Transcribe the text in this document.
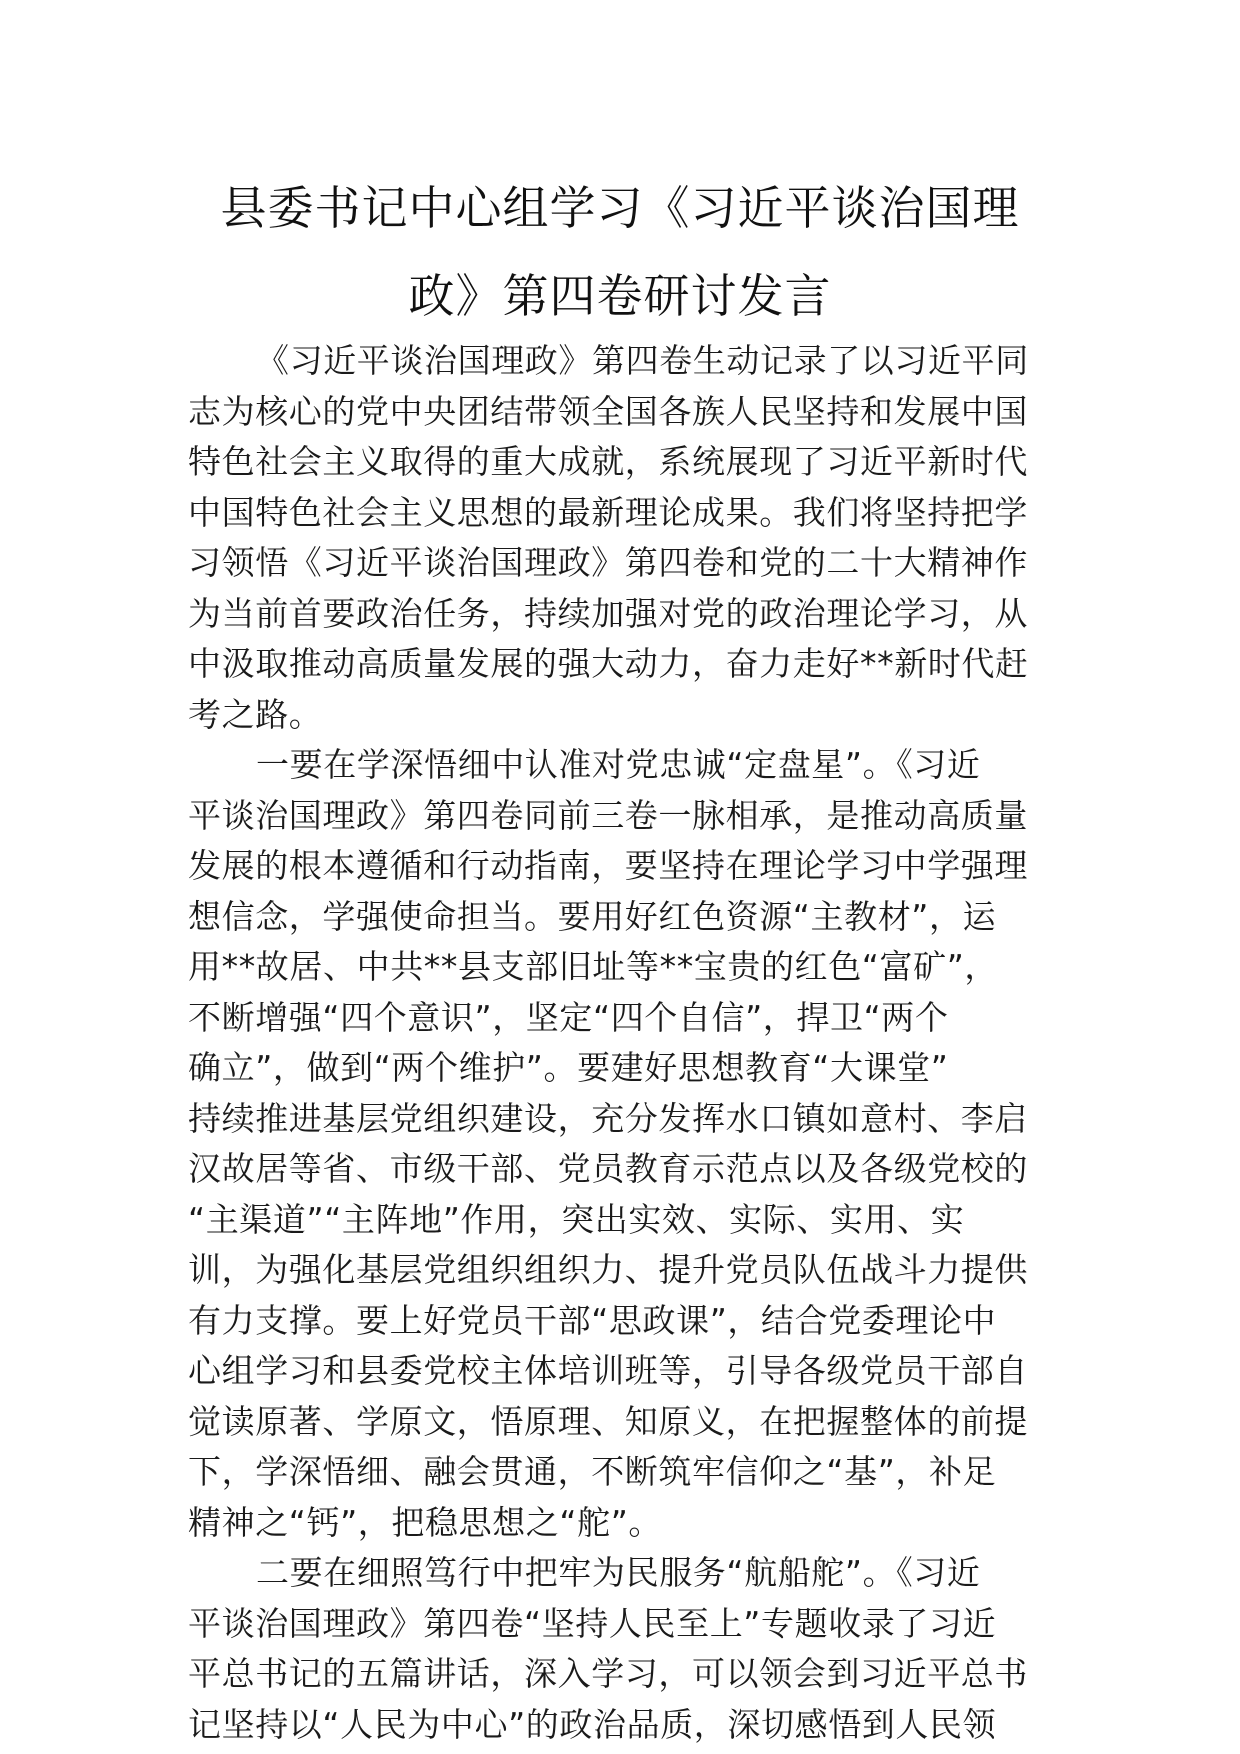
县委书记中心组学习《习近平谈治国理
政》第四卷研讨发言
《习近平谈治国理政》第四卷生动记录了以习近平同
志为核心的党中央团结带领全国各族人民坚持和发展中国
特色社会主义取得的重大成就，系统展现了习近平新时代
中国特色社会主义思想的最新理论成果。我们将坚持把学
习领悟《习近平谈治国理政》第四卷和党的二十大精神作
为当前首要政治任务，持续加强对党的政治理论学习，从
中汲取推动高质量发展的强大动力，奋力走好**新时代赶
考之路。
一要在学深悟细中认准对党忠诚“定盘星”。《习近
平谈治国理政》第四卷同前三卷一脉相承，是推动高质量
发展的根本遵循和行动指南，要坚持在理论学习中学强理
想信念，学强使命担当。要用好红色资源“主教材”，运
用**故居、中共**县支部旧址等**宝贵的红色“富矿”，
不断增强“四个意识”，坚定“四个自信”，捍卫“两个
确立”，做到“两个维护”。要建好思想教育“大课堂”
持续推进基层党组织建设，充分发挥水口镇如意村、李启
汉故居等省、市级干部、党员教育示范点以及各级党校的
“主渠道”“主阵地”作用，突出实效、实际、实用、实
训，为强化基层党组织组织力、提升党员队伍战斗力提供
有力支撑。要上好党员干部“思政课”，结合党委理论中
心组学习和县委党校主体培训班等，引导各级党员干部自
觉读原著、学原文，悟原理、知原义，在把握整体的前提
下，学深悟细、融会贯通，不断筑牢信仰之“基”，补足
精神之“钙”，把稳思想之“舵”。
二要在细照笃行中把牢为民服务“航船舵”。《习近
平谈治国理政》第四卷“坚持人民至上”专题收录了习近
平总书记的五篇讲话，深入学习，可以领会到习近平总书
记坚持以“人民为中心”的政治品质，深切感悟到人民领
